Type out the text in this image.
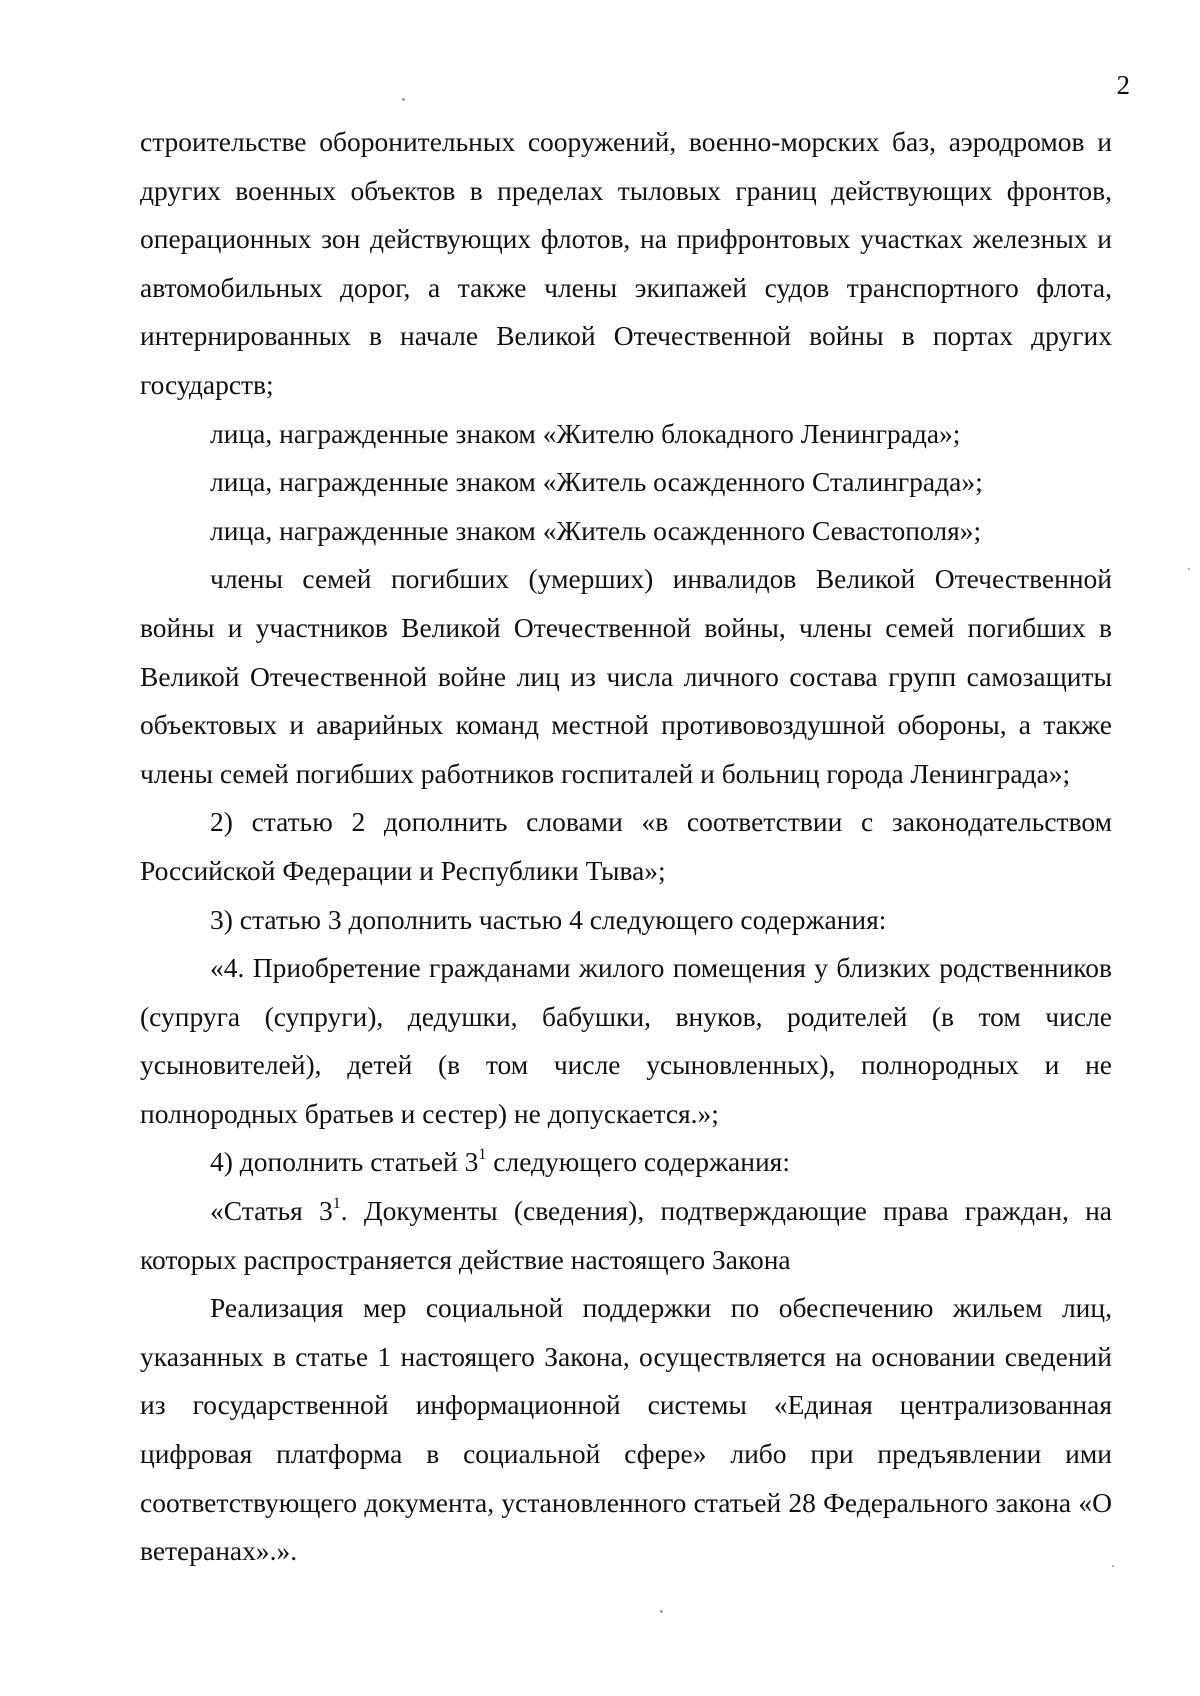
2

строительстве оборонительных сооружений, военно-морских баз, аэродромов и других военных объектов в пределах тыловых границ действующих фронтов, операционных зон действующих флотов, на прифронтовых участках железных и автомобильных дорог, а также члены экипажей судов транспортного флота, интернированных в начале Великой Отечественной войны в портах других государств;

лица, награжденные знаком «Жителю блокадного Ленинграда»;

лица, награжденные знаком «Житель осажденного Сталинграда»;

лица, награжденные знаком «Житель осажденного Севастополя»;

члены семей погибших (умерших) инвалидов Великой Отечественной войны и участников Великой Отечественной войны, члены семей погибших в Великой Отечественной войне лиц из числа личного состава групп самозащиты объектовых и аварийных команд местной противовоздушной обороны, а также члены семей погибших работников госпиталей и больниц города Ленинграда»;

2) статью 2 дополнить словами «в соответствии с законодательством Российской Федерации и Республики Тыва»;

3) статью 3 дополнить частью 4 следующего содержания:

«4. Приобретение гражданами жилого помещения у близких родственников (супруга (супруги), дедушки, бабушки, внуков, родителей (в том числе усыновителей), детей (в том числе усыновленных), полнородных и не полнородных братьев и сестер) не допускается.»;

4) дополнить статьей $3^1$ следующего содержания:

«Статья $3^1$. Документы (сведения), подтверждающие права граждан, на которых распространяется действие настоящего Закона

Реализация мер социальной поддержки по обеспечению жильем лиц, указанных в статье 1 настоящего Закона, осуществляется на основании сведений из государственной информационной системы «Единая централизованная цифровая платформа в социальной сфере» либо при предъявлении ими соответствующего документа, установленного статьей 28 Федерального закона «О ветеранах».».
